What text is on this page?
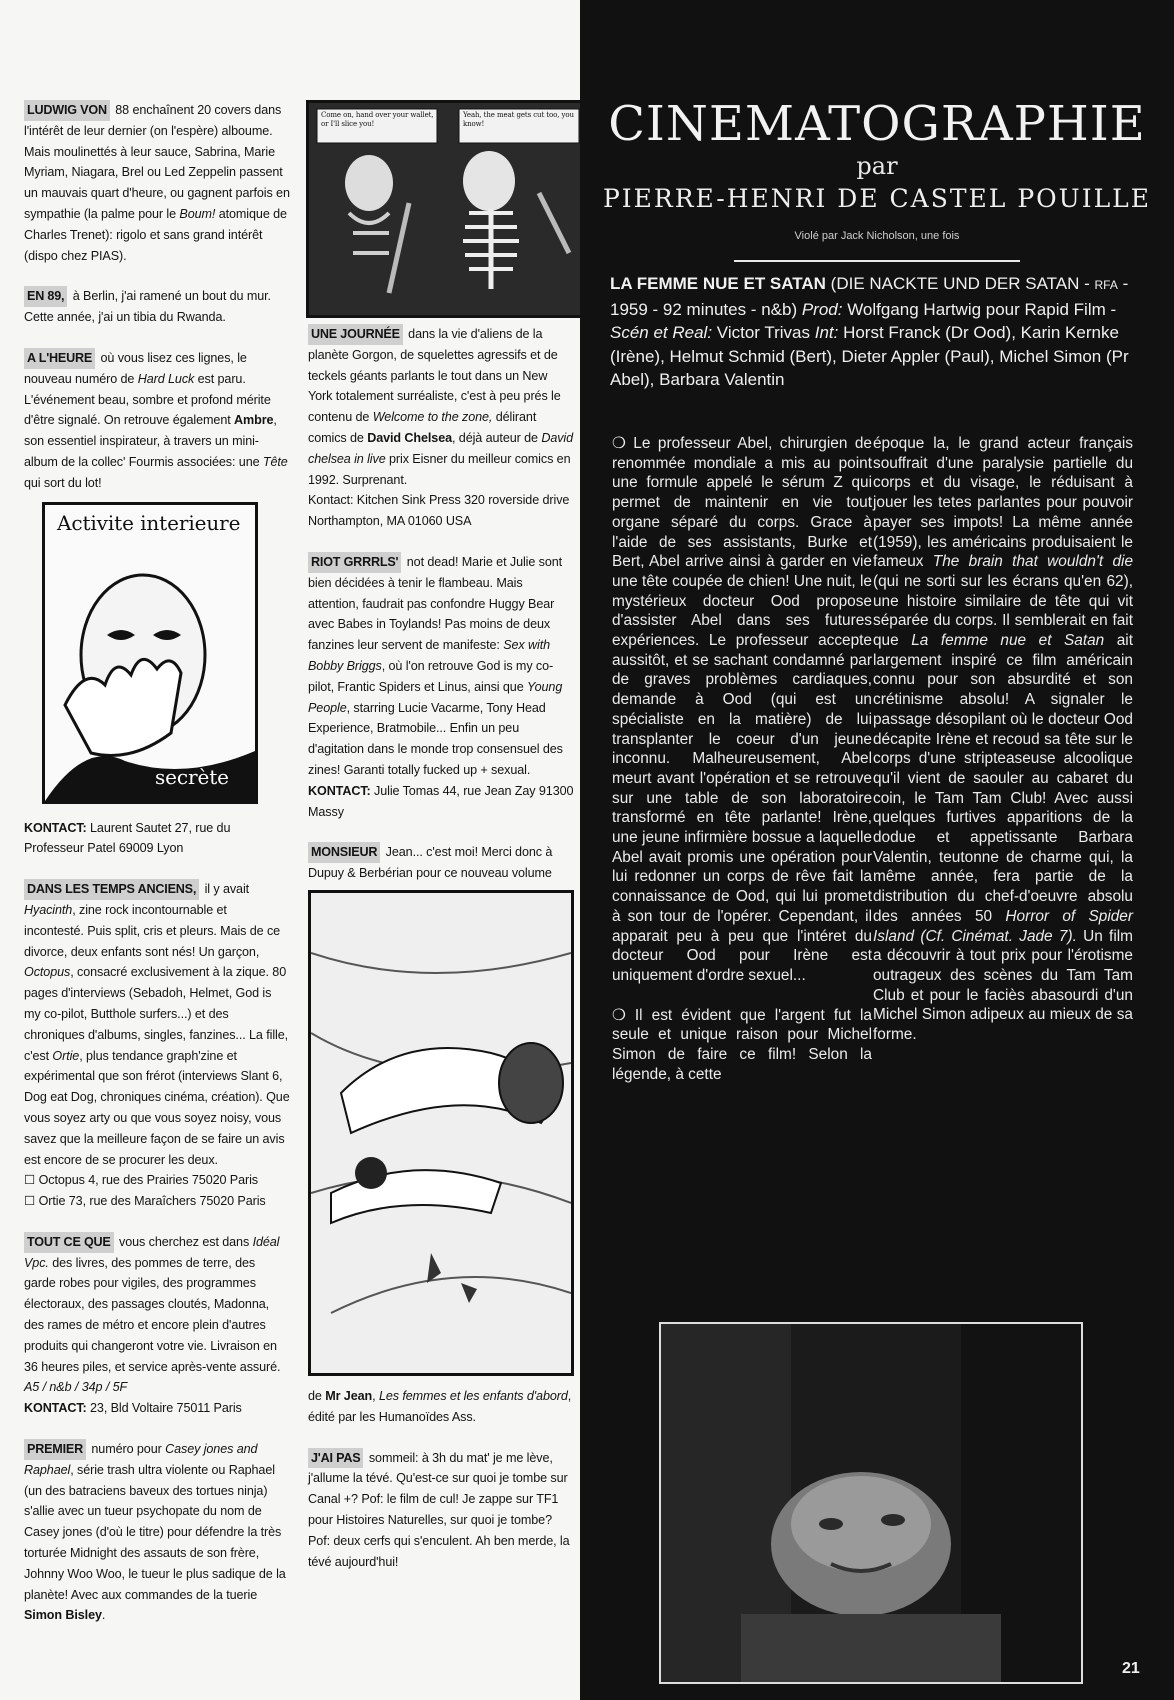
LUDWIG VON 88 enchaînent 20 covers dans l'intérêt de leur dernier (on l'espère) alboume. Mais moulinettés à leur sauce, Sabrina, Marie Myriam, Niagara, Brel ou Led Zeppelin passent un mauvais quart d'heure, ou gagnent parfois en sympathie (la palme pour le Boum! atomique de Charles Trenet): rigolo et sans grand intérêt (dispo chez PIAS).

EN 89, à Berlin, j'ai ramené un bout du mur. Cette année, j'ai un tibia du Rwanda.

A L'HEURE où vous lisez ces lignes, le nouveau numéro de Hard Luck est paru. L'événement beau, sombre et profond mérite d'être signalé. On retrouve également Ambre, son essentiel inspirateur, à travers un mini-album de la collec' Fourmis associées: une Tête qui sort du lot!

Activite interieure
secrète

KONTACT: Laurent Sautet 27, rue du Professeur Patel 69009 Lyon

DANS LES TEMPS ANCIENS, il y avait Hyacinth, zine rock incontournable et incontesté. Puis split, cris et pleurs. Mais de ce divorce, deux enfants sont nés! Un garçon, Octopus, consacré exclusivement à la zique. 80 pages d'interviews (Sebadoh, Helmet, God is my co-pilot, Butthole surfers...) et des chroniques d'albums, singles, fanzines... La fille, c'est Ortie, plus tendance graph'zine et expérimental que son frérot (interviews Slant 6, Dog eat Dog, chroniques cinéma, création). Que vous soyez arty ou que vous soyez noisy, vous savez que la meilleure façon de se faire un avis est encore de se procurer les deux.

☐ Octopus 4, rue des Prairies 75020 Paris

☐ Ortie 73, rue des Maraîchers 75020 Paris

TOUT CE QUE vous cherchez est dans Idéal Vpc. des livres, des pommes de terre, des garde robes pour vigiles, des programmes électoraux, des passages cloutés, Madonna, des rames de métro et encore plein d'autres produits qui changeront votre vie. Livraison en 36 heures piles, et service après-vente assuré. A5 / n&b / 34p / 5F

KONTACT: 23, Bld Voltaire 75011 Paris

PREMIER numéro pour Casey jones and Raphael, série trash ultra violente ou Raphael (un des batraciens baveux des tortues ninja) s'allie avec un tueur psychopate du nom de Casey jones (d'où le titre) pour défendre la très torturée Midnight des assauts de son frère, Johnny Woo Woo, le tueur le plus sadique de la planète! Avec aux commandes de la tuerie Simon Bisley.

Come on, hand over your wallet, or I'll slice you!
Yeah, the meat gets cut too, you know!

UNE JOURNÉE dans la vie d'aliens de la planète Gorgon, de squelettes agressifs et de teckels géants parlants le tout dans un New York totalement surréaliste, c'est à peu prés le contenu de Welcome to the zone, délirant comics de David Chelsea, déjà auteur de David chelsea in live prix Eisner du meilleur comics en 1992. Surprenant.

Kontact: Kitchen Sink Press 320 roverside drive Northampton, MA 01060 USA

RIOT GRRRLS' not dead! Marie et Julie sont bien décidées à tenir le flambeau. Mais attention, faudrait pas confondre Huggy Bear avec Babes in Toylands! Pas moins de deux fanzines leur servent de manifeste: Sex with Bobby Briggs, où l'on retrouve God is my co-pilot, Frantic Spiders et Linus, ainsi que Young People, starring Lucie Vacarme, Tony Head Experience, Bratmobile... Enfin un peu d'agitation dans le monde trop consensuel des zines! Garanti totally fucked up + sexual.

KONTACT: Julie Tomas 44, rue Jean Zay 91300 Massy

MONSIEUR Jean... c'est moi! Merci donc à Dupuy & Berbérian pour ce nouveau volume

de Mr Jean, Les femmes et les enfants d'abord, édité par les Humanoïdes Ass.

J'AI PAS sommeil: à 3h du mat' je me lève, j'allume la tévé. Qu'est-ce sur quoi je tombe sur Canal +? Pof: le film de cul! Je zappe sur TF1 pour Histoires Naturelles, sur quoi je tombe? Pof: deux cerfs qui s'enculent. Ah ben merde, la tévé aujourd'hui!

CINEMATOGRAPHIE
par
PIERRE-HENRI DE CASTEL POUILLE
Violé par Jack Nicholson, une fois
LA FEMME NUE ET SATAN (DIE NACKTE UND DER SATAN - RFA - 1959 - 92 minutes - n&b) Prod: Wolfgang Hartwig pour Rapid Film - Scén et Real: Victor Trivas Int: Horst Franck (Dr Ood), Karin Kernke (Irène), Helmut Schmid (Bert), Dieter Appler (Paul), Michel Simon (Pr Abel), Barbara Valentin

❍ Le professeur Abel, chirurgien de renommée mondiale a mis au point une formule appelé le sérum Z qui permet de maintenir en vie tout organe séparé du corps. Grace à l'aide de ses assistants, Burke et Bert, Abel arrive ainsi à garder en vie une tête coupée de chien! Une nuit, le mystérieux docteur Ood propose d'assister Abel dans ses futures expériences. Le professeur accepte aussitôt, et se sachant condamné par de graves problèmes cardiaques, demande à Ood (qui est un spécialiste en la matière) de lui transplanter le coeur d'un jeune inconnu. Malheureusement, Abel meurt avant l'opération et se retrouve sur une table de son laboratoire transformé en tête parlante! Irène, une jeune infirmière bossue a laquelle Abel avait promis une opération pour lui redonner un corps de rêve fait la connaissance de Ood, qui lui promet à son tour de l'opérer. Cependant, il apparait peu à peu que l'intéret du docteur Ood pour Irène est uniquement d'ordre sexuel...

❍ Il est évident que l'argent fut la seule et unique raison pour Michel Simon de faire ce film! Selon la légende, à cette

époque la, le grand acteur français souffrait d'une paralysie partielle du corps et du visage, le réduisant à jouer les tetes parlantes pour pouvoir payer ses impots! La même année (1959), les américains produisaient le fameux The brain that wouldn't die (qui ne sorti sur les écrans qu'en 62), une histoire similaire de tête qui vit séparée du corps. Il semblerait en fait que La femme nue et Satan ait largement inspiré ce film américain connu pour son absurdité et son crétinisme absolu! A signaler le passage désopilant où le docteur Ood décapite Irène et recoud sa tête sur le corps d'une stripteaseuse alcoolique qu'il vient de saouler au cabaret du coin, le Tam Tam Club! Avec aussi quelques furtives apparitions de la dodue et appetissante Barbara Valentin, teutonne de charme qui, la même année, fera partie de la distribution du chef-d'oeuvre absolu des années 50 Horror of Spider Island (Cf. Cinémat. Jade 7). Un film a découvrir à tout prix pour l'érotisme outrageux des scènes du Tam Tam Club et pour le faciès abasourdi d'un Michel Simon adipeux au mieux de sa forme.

21
